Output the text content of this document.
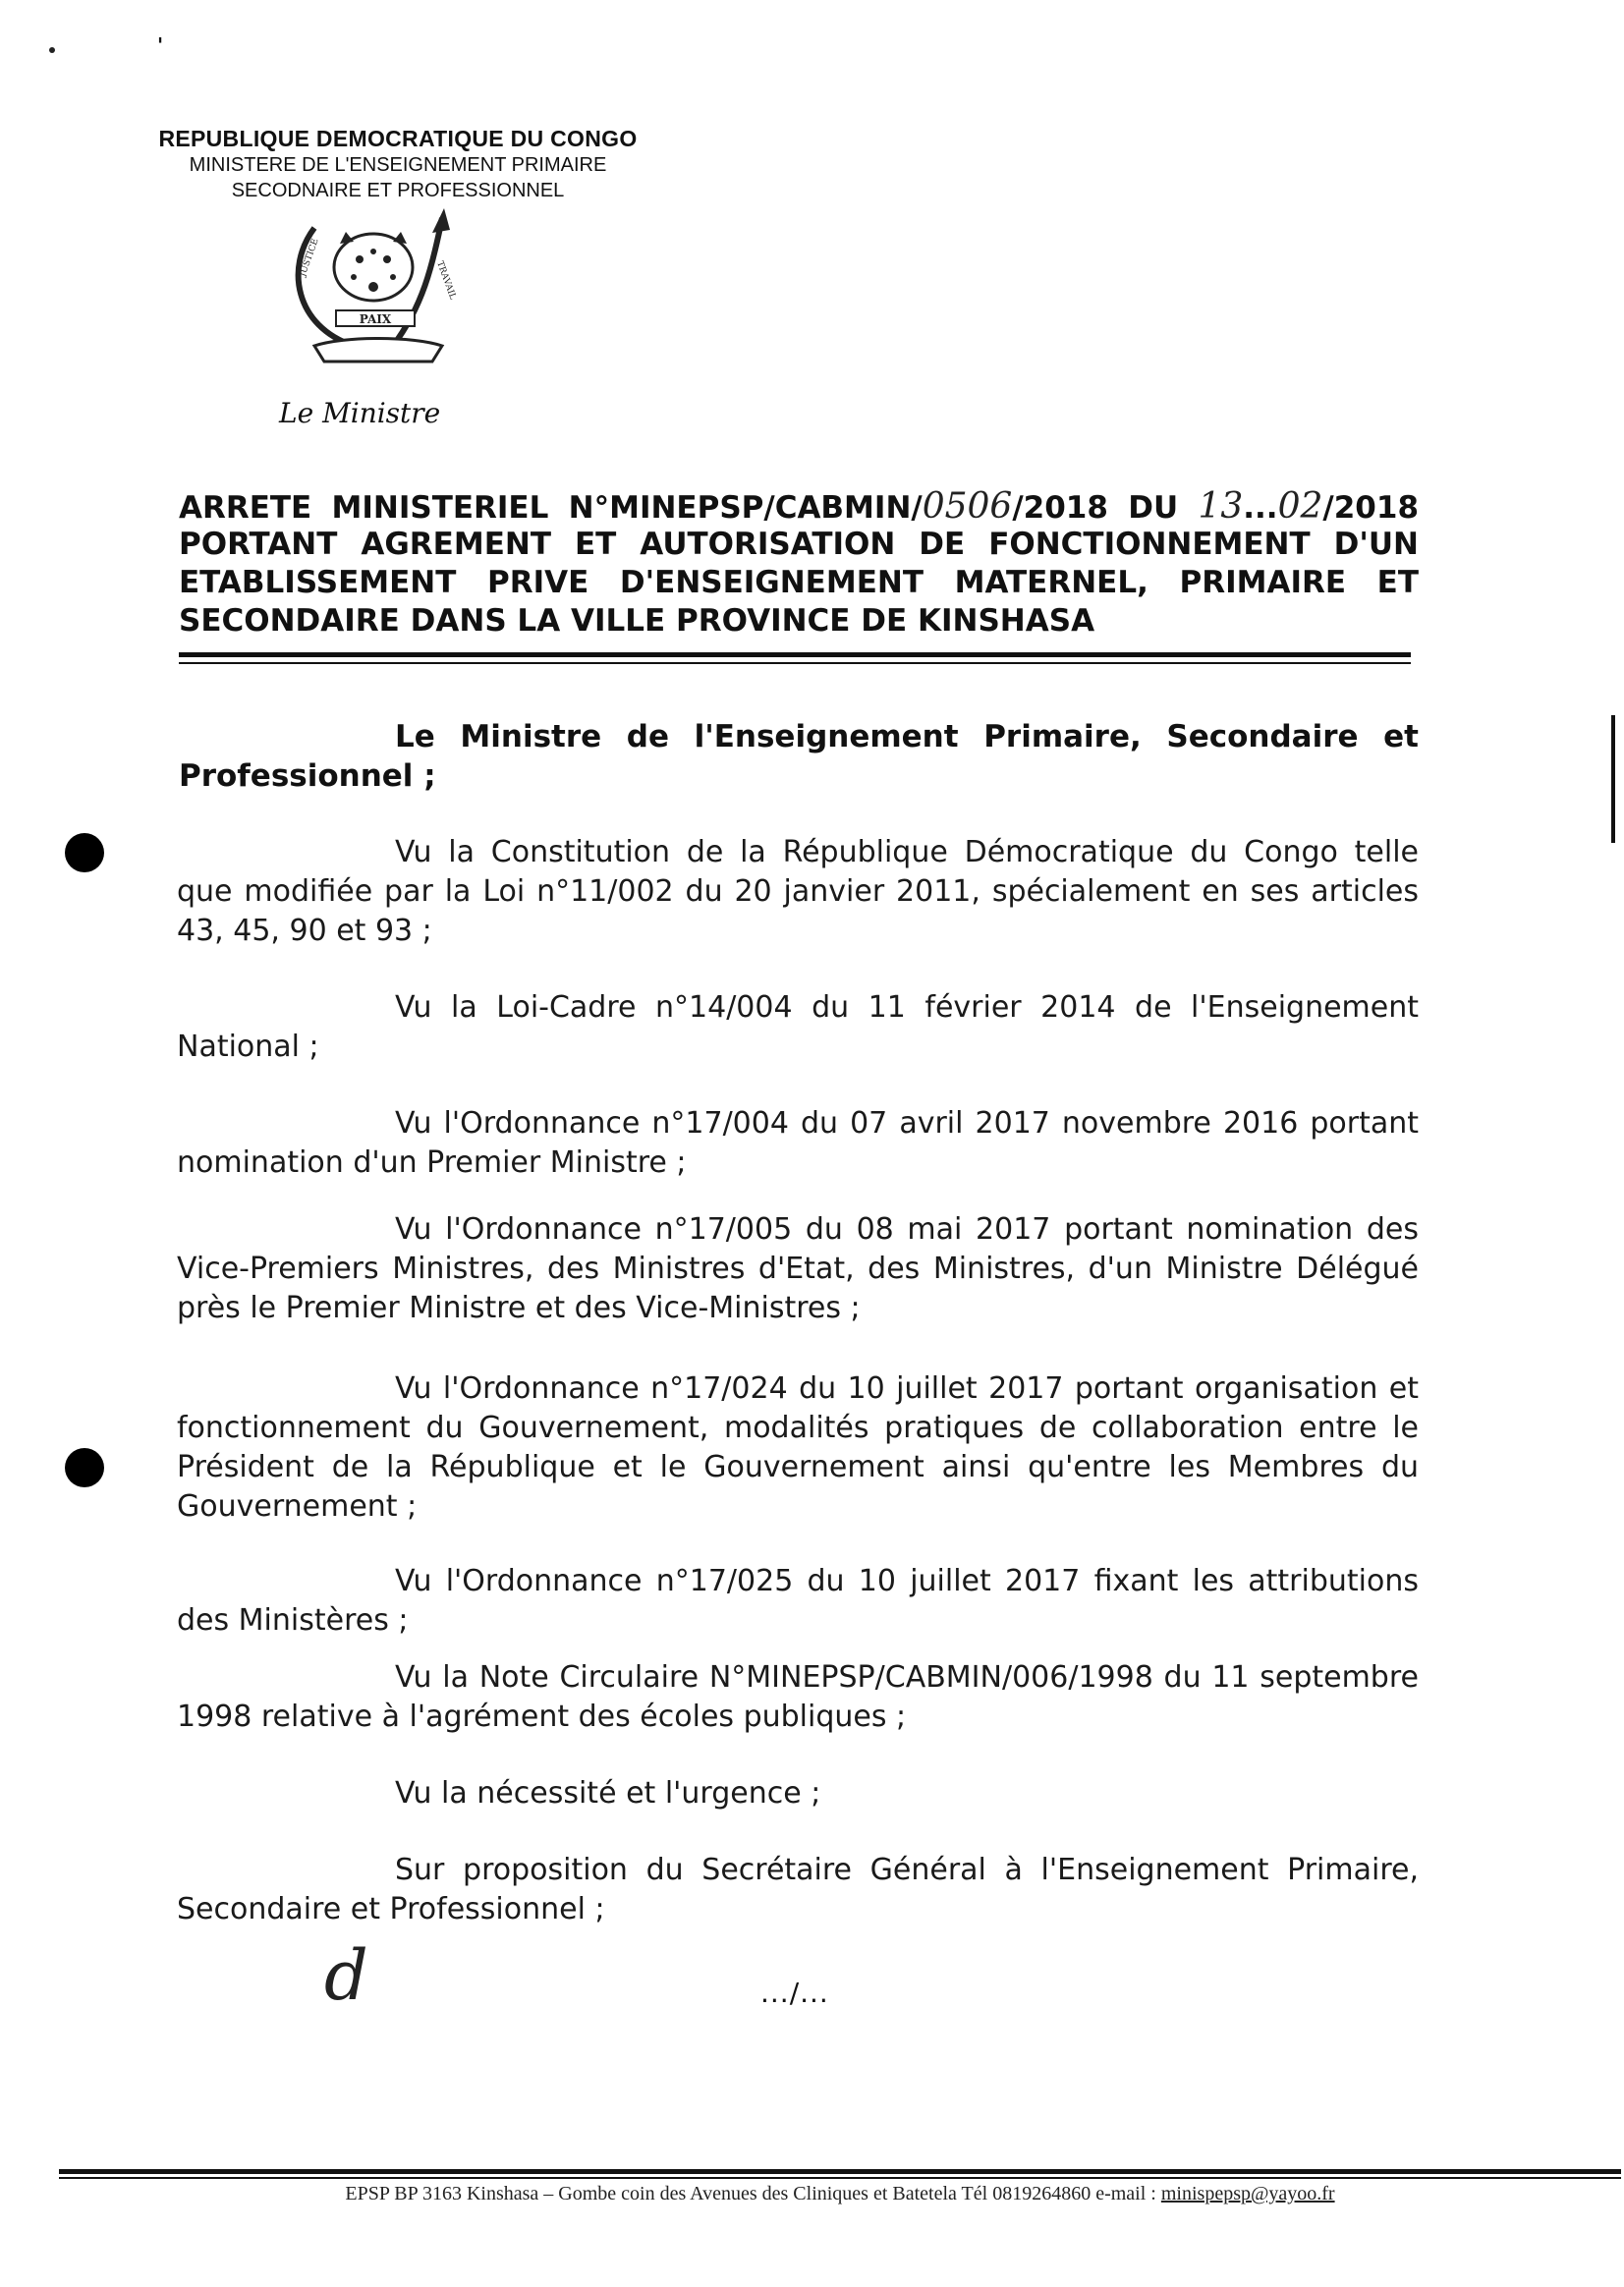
'
REPUBLIQUE DEMOCRATIQUE DU CONGO
MINISTERE DE L'ENSEIGNEMENT PRIMAIRE
SECODNAIRE ET PROFESSIONNEL
PAIX
JUSTICE
TRAVAIL
Le Ministre
ARRETE MINISTERIEL N°MINEPSP/CABMIN/0506/2018 DU 13...02/2018
PORTANT AGREMENT ET AUTORISATION DE FONCTIONNEMENT D'UN
ETABLISSEMENT PRIVE D'ENSEIGNEMENT MATERNEL, PRIMAIRE ET
SECONDAIRE DANS LA VILLE PROVINCE DE KINSHASA
Le Ministre de l'Enseignement Primaire, Secondaire et Professionnel ;
Vu la Constitution de la République Démocratique du Congo telle que modifiée par la Loi n°11/002 du 20 janvier 2011, spécialement en ses articles 43, 45, 90 et 93 ;
Vu la Loi-Cadre n°14/004 du 11 février 2014 de l'Enseignement National ;
Vu l'Ordonnance n°17/004 du 07 avril 2017 novembre 2016 portant nomination d'un Premier Ministre ;
Vu l'Ordonnance n°17/005 du 08 mai 2017 portant nomination des Vice-Premiers Ministres, des Ministres d'Etat, des Ministres, d'un Ministre Délégué près le Premier Ministre et des Vice-Ministres ;
Vu l'Ordonnance n°17/024 du 10 juillet 2017 portant organisation et fonctionnement du Gouvernement, modalités pratiques de collaboration entre le Président de la République et le Gouvernement ainsi qu'entre les Membres du Gouvernement ;
Vu l'Ordonnance n°17/025 du 10 juillet 2017 fixant les attributions des Ministères ;
Vu la Note Circulaire N°MINEPSP/CABMIN/006/1998 du 11 septembre 1998 relative à l'agrément des écoles publiques ;
Vu la nécessité et l'urgence ;
Sur proposition du Secrétaire Général à l'Enseignement Primaire, Secondaire et Professionnel ;
d	.../...
EPSP BP 3163 Kinshasa – Gombe coin des Avenues des Cliniques et Batetela Tél 0819264860 e-mail : minispepsp@yayoo.fr
